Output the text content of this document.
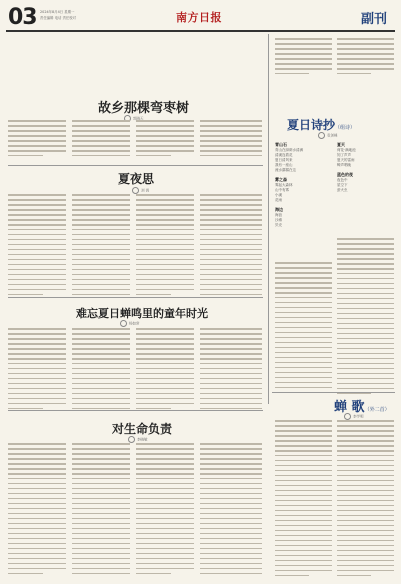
03 2024年8月4日 星期一
责任编辑 电话 责任校对	南方日报	副刊
故乡那棵弯枣树
郭晓天
夏夜思
刘 鸿
夏日诗抄（组诗）
袁剑峰
青山石
青山在绿荫水清满
清溪连着花
夏日清风来
我有一座山
流水潺潺在这
雾之森
雾起大森林
山中有雾
小溪
花雨
海边
海浪
沙滩
贝壳
夏天
荷花·满地池
知了声声
夏天的雷雨
蝉声唱晚
蓝色的夜
夜色中
星空下
萤火虫
难忘夏日蝉鸣里的童年时光
杨如常
蝉 歌（外二首）
李学明
对生命负责
李晓敏
